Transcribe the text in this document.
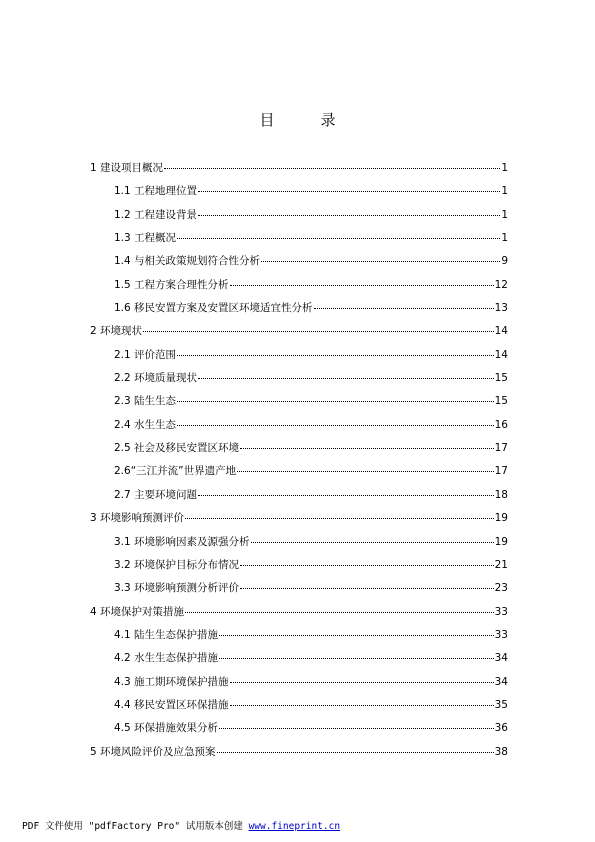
目	录
1 建设项目概况	1
1.1 工程地理位置	1
1.2 工程建设背景	1
1.3 工程概况	1
1.4 与相关政策规划符合性分析	9
1.5 工程方案合理性分析	12
1.6 移民安置方案及安置区环境适宜性分析	13
2 环境现状	14
2.1 评价范围	14
2.2 环境质量现状	15
2.3 陆生生态	15
2.4 水生生态	16
2.5 社会及移民安置区环境	17
2.6“三江并流”世界遗产地	17
2.7 主要环境问题	18
3 环境影响预测评价	19
3.1 环境影响因素及源强分析	19
3.2 环境保护目标分布情况	21
3.3 环境影响预测分析评价	23
4 环境保护对策措施	33
4.1 陆生生态保护措施	33
4.2 水生生态保护措施	34
4.3 施工期环境保护措施	34
4.4 移民安置区环保措施	35
4.5 环保措施效果分析	36
5 环境风险评价及应急预案	38
PDF 文件使用 "pdfFactory Pro" 试用版本创建 www.fineprint.cn
